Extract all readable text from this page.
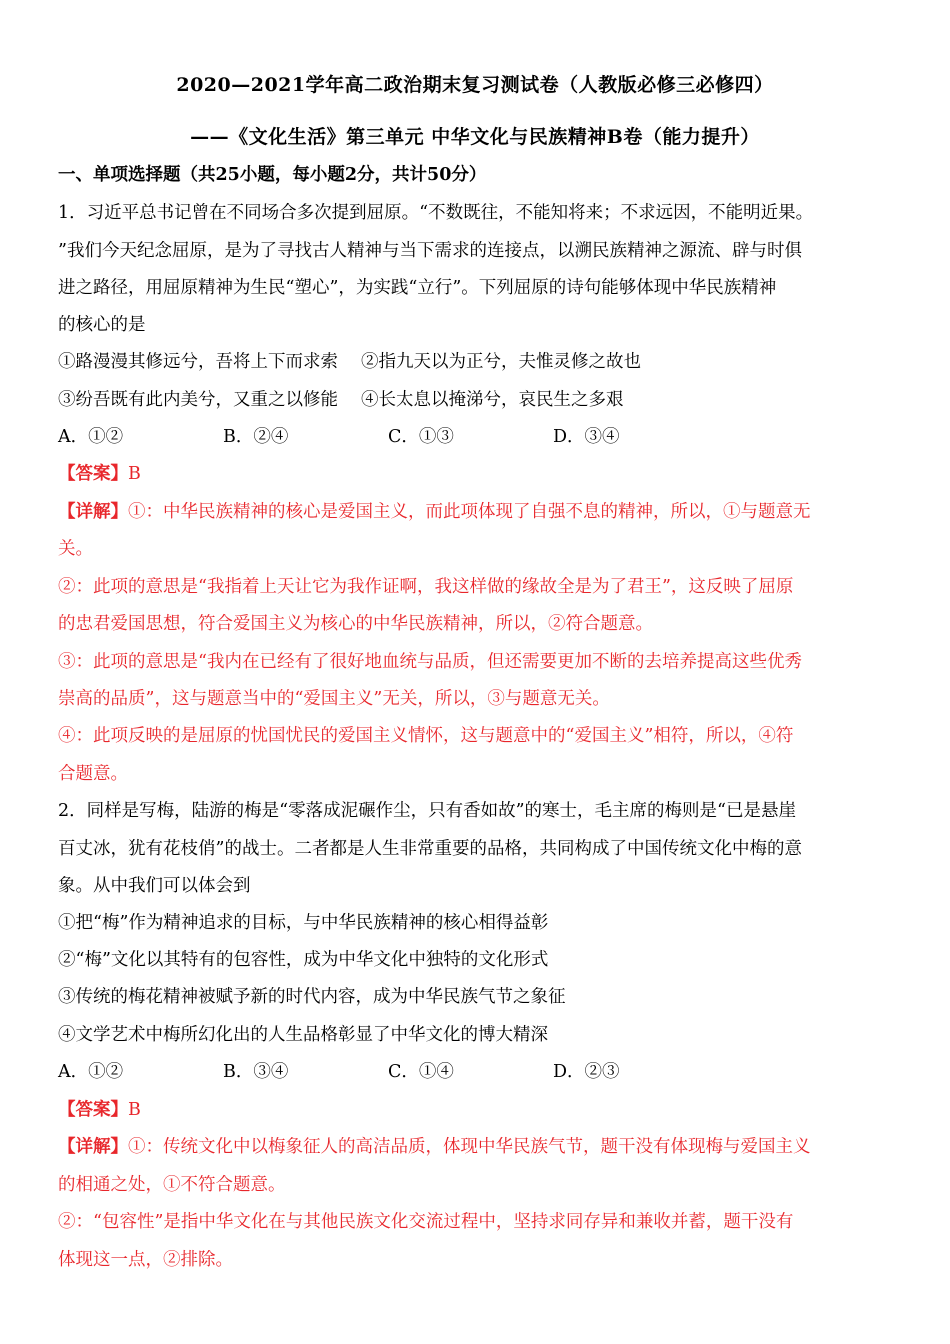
2020—2021学年高二政治期末复习测试卷（人教版必修三必修四）
——《文化生活》第三单元 中华文化与民族精神B卷（能力提升）
一、单项选择题（共25小题，每小题2分，共计50分）
1．习近平总书记曾在不同场合多次提到屈原。“不数既往，不能知将来；不求远因，不能明近果。
”我们今天纪念屈原，是为了寻找古人精神与当下需求的连接点，以溯民族精神之源流、辟与时俱
进之路径，用屈原精神为生民“塑心”，为实践“立行”。下列屈原的诗句能够体现中华民族精神
的核心的是
①路漫漫其修远兮，吾将上下而求索　 ②指九天以为正兮，夫惟灵修之故也
③纷吾既有此内美兮，又重之以修能　 ④长太息以掩涕兮，哀民生之多艰
A．①②	B．②④	C．①③	D．③④
【答案】B
【详解】①：中华民族精神的核心是爱国主义，而此项体现了自强不息的精神，所以，①与题意无
关。
②：此项的意思是“我指着上天让它为我作证啊，我这样做的缘故全是为了君王”，这反映了屈原
的忠君爱国思想，符合爱国主义为核心的中华民族精神，所以，②符合题意。
③：此项的意思是“我内在已经有了很好地血统与品质，但还需要更加不断的去培养提高这些优秀
崇高的品质”，这与题意当中的“爱国主义”无关，所以，③与题意无关。
④：此项反映的是屈原的忧国忧民的爱国主义情怀，这与题意中的“爱国主义”相符，所以，④符
合题意。
2．同样是写梅，陆游的梅是“零落成泥碾作尘，只有香如故”的寒士，毛主席的梅则是“已是悬崖
百丈冰，犹有花枝俏”的战士。二者都是人生非常重要的品格，共同构成了中国传统文化中梅的意
象。从中我们可以体会到
①把“梅”作为精神追求的目标，与中华民族精神的核心相得益彰
②“梅”文化以其特有的包容性，成为中华文化中独特的文化形式
③传统的梅花精神被赋予新的时代内容，成为中华民族气节之象征
④文学艺术中梅所幻化出的人生品格彰显了中华文化的博大精深
A．①②	B．③④	C．①④	D．②③
【答案】B
【详解】①：传统文化中以梅象征人的高洁品质，体现中华民族气节，题干没有体现梅与爱国主义
的相通之处，①不符合题意。
②：“包容性”是指中华文化在与其他民族文化交流过程中，坚持求同存异和兼收并蓄，题干没有
体现这一点，②排除。
